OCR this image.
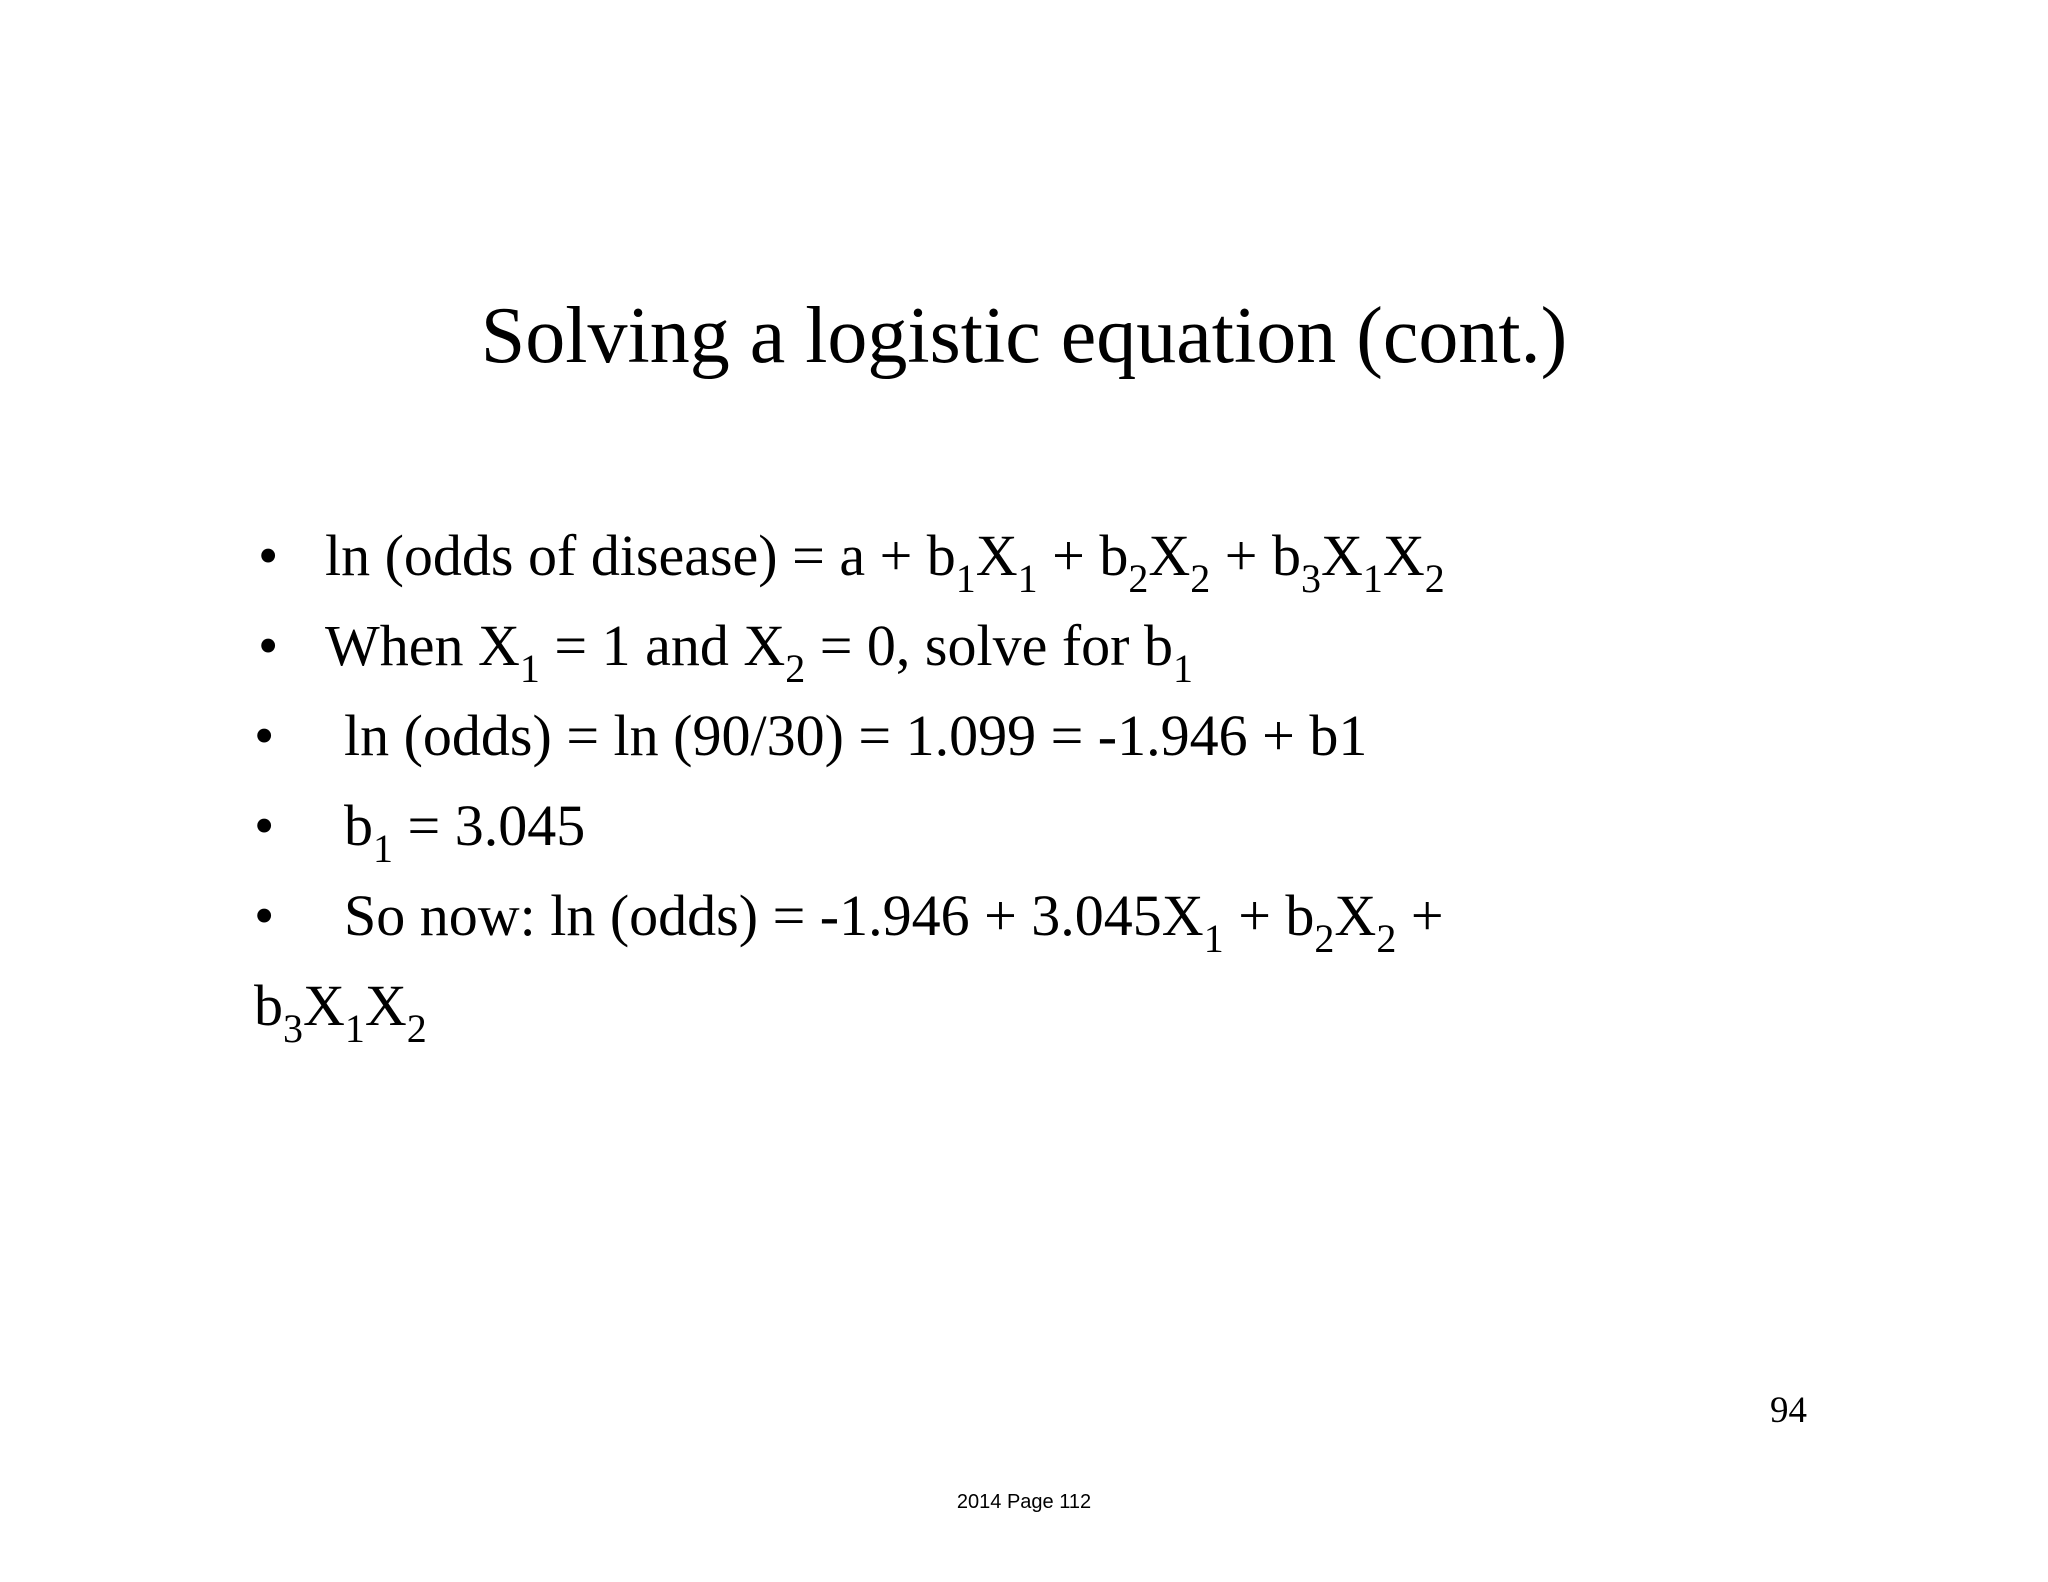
Solving a logistic equation (cont.)
• ln (odds of disease) = $a + b_1X_1 + b_2X_2 + b_3X_1X_2$
• When $X_1 = 1$ and $X_2 = 0$, solve for $b_1$
• ln (odds) = ln (90/30) = 1.099 = -1.946 + b1
• $b_1 = 3.045$
• So now: ln (odds) = $-1.946 + 3.045X_1 + b_2X_2$ +
$b_3X_1X_2$
94
2014 Page 112
